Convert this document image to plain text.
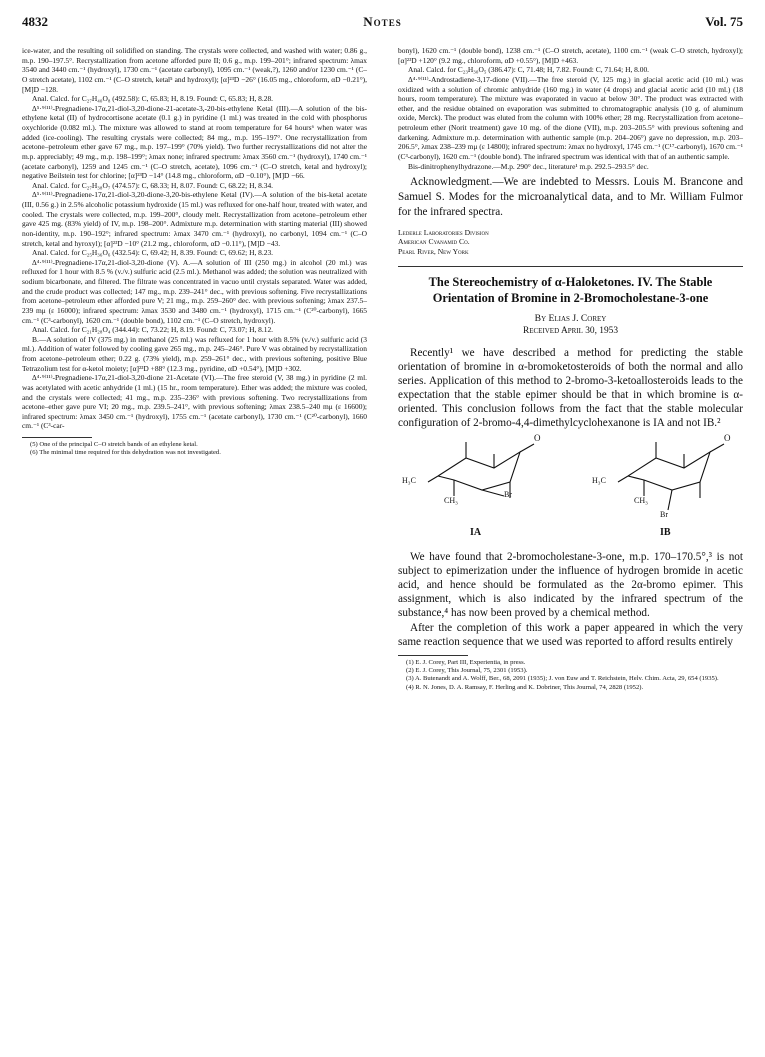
4832	Notes	Vol. 75

ice-water, and the resulting oil solidified on standing. The crystals were collected, and washed with water; 0.86 g., m.p. 190–197.5°. Recrystallization from acetone afforded pure II; 0.6 g., m.p. 199–201°; infrared spectrum: λmax 3540 and 3440 cm.⁻¹ (hydroxyl), 1730 cm.⁻¹ (acetate carbonyl), 1095 cm.⁻¹ (weak,?), 1260 and/or 1230 cm.⁻¹ (C–O stretch acetate), 1102 cm.⁻¹ (C–O stretch, ketal⁵ and hydroxyl); [α]²³D −26° (16.05 mg., chloroform, αD −0.21°), [M]D −128.

Anal. Calcd. for C₂₇H₄₀O₈ (492.58): C, 65.83; H, 8.19. Found: C, 65.83; H, 8.28.

Δ⁵·⁹⁽¹¹⁾-Pregnadiene-17α,21-diol-3,20-dione-21-acetate-3,-20-bis-ethylene Ketal (III).—A solution of the bis-ethylene ketal (II) of hydrocortisone acetate (0.1 g.) in pyridine (1 ml.) was treated in the cold with phosphorus oxychloride (0.082 ml.). The mixture was allowed to stand at room temperature for 64 hours⁶ when water was added (ice-cooling). The resulting crystals were collected; 84 mg., m.p. 195–197°. One recrystallization from acetone–petroleum ether gave 67 mg., m.p. 197–199° (70% yield). Two further recrystallizations did not alter the m.p. appreciably; 49 mg., m.p. 198–199°; λmax none; infrared spectrum: λmax 3560 cm.⁻¹ (hydroxyl), 1740 cm.⁻¹ (acetate carbonyl), 1259 and 1245 cm.⁻¹ (C–O stretch, acetate), 1096 cm.⁻¹ (C–O stretch, ketal and hydroxyl); negative Beilstein test for chlorine; [α]²³D −14° (14.8 mg., chloroform, αD −0.10°), [M]D −66.

Anal. Calcd. for C₂₇H₃₈O₇ (474.57): C, 68.33; H, 8.07. Found: C, 68.22; H, 8.34.

Δ⁵·⁹⁽¹¹⁾-Pregnadiene-17α,21-diol-3,20-dione-3,20-bis-ethylene Ketal (IV).—A solution of the bis-ketal acetate (III, 0.56 g.) in 2.5% alcoholic potassium hydroxide (15 ml.) was refluxed for one-half hour, treated with water, and cooled. The crystals were collected, m.p. 199–200°, cloudy melt. Recrystallization from acetone–petroleum ether gave 425 mg. (83% yield) of IV, m.p. 198–200°. Admixture m.p. determination with starting material (III) showed non-identity, m.p. 190–192°; infrared spectrum: λmax 3470 cm.⁻¹ (hydroxyl), no carbonyl, 1094 cm.⁻¹ (C–O stretch, ketal and hyroxyl); [α]²³D −10° (21.2 mg., chloroform, αD −0.11°), [M]D −43.

Anal. Calcd. for C₂₅H₃₆O₆ (432.54): C, 69.42; H, 8.39. Found: C, 69.62; H, 8.23.

Δ⁴·⁹⁽¹¹⁾-Pregnadiene-17α,21-diol-3,20-dione (V). A.—A solution of III (250 mg.) in alcohol (20 ml.) was refluxed for 1 hour with 8.5 % (v./v.) sulfuric acid (2.5 ml.). Methanol was added; the solution was neutralized with sodium bicarbonate, and filtered. The filtrate was concentrated in vacuo until crystals separated. Water was added, and the crude product was collected; 147 mg., m.p. 239–241° dec., with previous softening. Five recrystallizations from acetone–petroleum ether afforded pure V; 21 mg., m.p. 259–260° dec. with previous softening; λmax 237.5–239 mμ (ε 16000); infrared spectrum: λmax 3530 and 3480 cm.⁻¹ (hydroxyl), 1715 cm.⁻¹ (C²⁰-carbonyl), 1665 cm.⁻¹ (C³-carbonyl), 1620 cm.⁻¹ (double bond), 1102 cm.⁻¹ (C–O stretch, hydroxyl).

Anal. Calcd. for C₂₁H₂₈O₄ (344.44): C, 73.22; H, 8.19. Found: C, 73.07; H, 8.12.

B.—A solution of IV (375 mg.) in methanol (25 ml.) was refluxed for 1 hour with 8.5% (v./v.) sulfuric acid (3 ml.). Addition of water followed by cooling gave 265 mg., m.p. 245–246°. Pure V was obtained by recrystallization from acetone–petroleum ether; 0.22 g. (73% yield), m.p. 259–261° dec., with previous softening, positive Blue Tetrazolium test for α-ketol moiety; [α]²³D +88° (12.3 mg., pyridine, αD +0.54°), [M]D +302.

Δ⁴·⁹⁽¹¹⁾-Pregnadiene-17α,21-diol-3,20-dione 21-Acetate (VI).—The free steroid (V, 38 mg.) in pyridine (2 ml. was acetylated with acetic anhydride (1 ml.) (15 hr., room temperature). Ether was added; the mixture was cooled, and the crystals were collected; 41 mg., m.p. 235–236° with previous softening. Two recrystallizations from acetone–ether gave pure VI; 20 mg., m.p. 239.5–241°, with previous softening; λmax 238.5–240 mμ (ε 16600); infrared spectrum: λmax 3450 cm.⁻¹ (hydroxyl), 1755 cm.⁻¹ (acetate carbonyl), 1730 cm.⁻¹ (C²⁰-carbonyl), 1660 cm.⁻¹ (C³-car-

(5) One of the principal C–O stretch bands of an ethylene ketal.

(6) The minimal time required for this dehydration was not investigated.

bonyl), 1620 cm.⁻¹ (double bond), 1238 cm.⁻¹ (C–O stretch, acetate), 1100 cm.⁻¹ (weak C–O stretch, hydroxyl); [α]²³D +120° (9.2 mg., chloroform, αD +0.55°), [M]D +463.

Anal. Calcd. for C₂₃H₃₀O₅ (386.47): C, 71.48; H, 7.82. Found: C, 71.64; H, 8.00.

Δ⁴·⁹⁽¹¹⁾-Androstadiene-3,17-dione (VII).—The free steroid (V, 125 mg.) in glacial acetic acid (10 ml.) was oxidized with a solution of chromic anhydride (160 mg.) in water (4 drops) and glacial acetic acid (10 ml.) (18 hours, room temperature). The mixture was evaporated in vacuo at below 30°. The product was extracted with ether, and the residue obtained on evaporation was submitted to chromatographic analysis (10 g. of aluminum oxide, Merck). The product was eluted from the column with 100% ether; 28 mg. Recrystallization from acetone–petroleum ether (Norit treatment) gave 10 mg. of the dione (VII), m.p. 203–205.5° with previous softening and darkening. Admixture m.p. determination with authentic sample (m.p. 204–206°) gave no depression, m.p. 203–206.5°, λmax 238–239 mμ (ε 14800); infrared spectrum: λmax no hydroxyl, 1745 cm.⁻¹ (C¹⁷-carbonyl), 1670 cm.⁻¹ (C³-carbonyl), 1620 cm.⁻¹ (double bond). The infrared spectrum was identical with that of an authentic sample.

Bis-dinitrophenylhydrazone.—M.p. 290° dec., literature¹ m.p. 292.5–293.5° dec.

Acknowledgment.—We are indebted to Messrs. Louis M. Brancone and Samuel S. Modes for the microanalytical data, and to Mr. William Fulmor for the infrared spectra.

Lederle Laboratories Division
American Cyanamid Co.
Pearl River, New York
The Stereochemistry of α-Haloketones. IV. The Stable Orientation of Bromine in 2-Bromocholestane-3-one
By Elias J. Corey
Received April 30, 1953

Recently¹ we have described a method for predicting the stable orientation of bromine in α-bromoketosteroids of both the normal and allo series. Application of this method to 2-bromo-3-ketoallosteroids leads to the expectation that the stable epimer should be that in which bromine is α-oriented. This conclusion follows from the fact that the stable molecular configuration of 2-bromo-4,4-dimethylcyclohexanone is IA and not IB.²

O
Br
H₃C
CH₃
O
Br
H₃C
CH₃
IA	IB

We have found that 2-bromocholestane-3-one, m.p. 170–170.5°,³ is not subject to epimerization under the influence of hydrogen bromide in acetic acid, and hence should be formulated as the 2α-bromo epimer. This assignment, which is also indicated by the infrared spectrum of the substance,⁴ has now been proved by a chemical method.

After the completion of this work a paper appeared in which the very same reaction sequence that we used was reported to afford results entirely

(1) E. J. Corey, Part III, Experientia, in press.

(2) E. J. Corey, This Journal, 75, 2301 (1953).

(3) A. Butenandt and A. Wolff, Ber., 68, 2091 (1935); J. von Euw and T. Reichstein, Helv. Chim. Acta, 29, 654 (1935).

(4) R. N. Jones, D. A. Ramsay, F. Herling and K. Dobriner, This Journal, 74, 2828 (1952).
